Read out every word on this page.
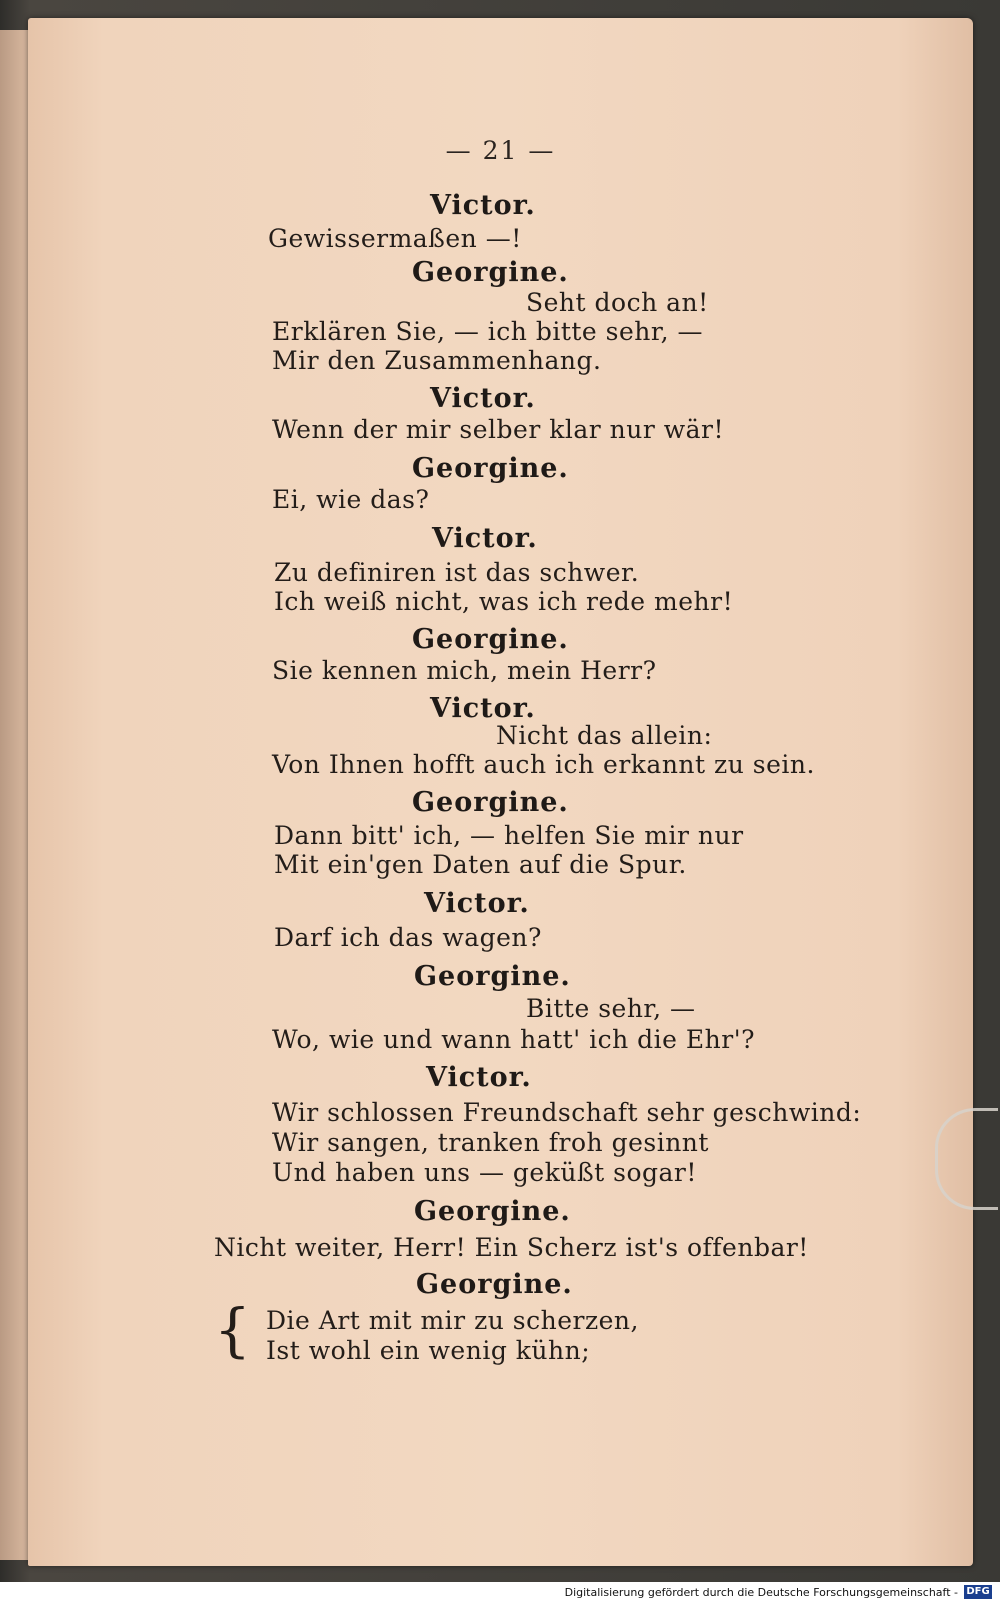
— 21 —
Victor.
Gewissermaßen —!
Georgine.
Seht doch an!
Erklären Sie, — ich bitte sehr, —
Mir den Zusammenhang.
Victor.
Wenn der mir selber klar nur wär!
Georgine.
Ei, wie das?
Victor.
Zu definiren ist das schwer.
Ich weiß nicht, was ich rede mehr!
Georgine.
Sie kennen mich, mein Herr?
Victor.
Nicht das allein:
Von Ihnen hofft auch ich erkannt zu sein.
Georgine.
Dann bitt' ich, — helfen Sie mir nur
Mit ein'gen Daten auf die Spur.
Victor.
Darf ich das wagen?
Georgine.
Bitte sehr, —
Wo, wie und wann hatt' ich die Ehr'?
Victor.
Wir schlossen Freundschaft sehr geschwind:
Wir sangen, tranken froh gesinnt
Und haben uns — geküßt sogar!
Georgine.
Nicht weiter, Herr! Ein Scherz ist's offenbar!
Georgine.
{ Die Art mit mir zu scherzen,
Ist wohl ein wenig kühn;
Digitalisierung gefördert durch die Deutsche Forschungsgemeinschaft - DFG
